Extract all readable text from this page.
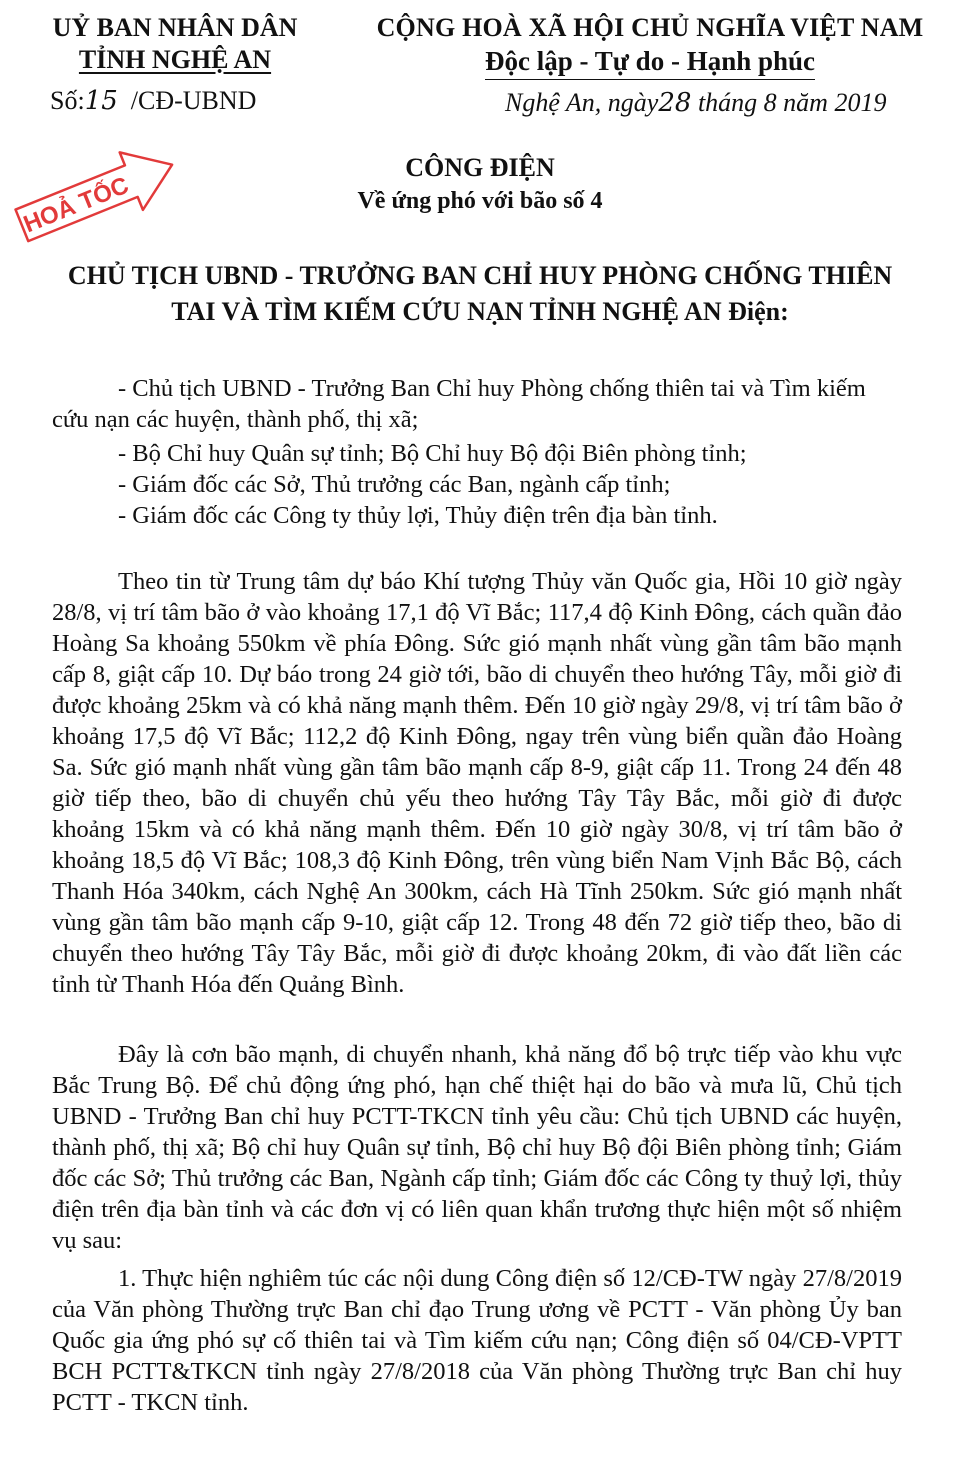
UỶ BAN NHÂN DÂN
TỈNH NGHỆ AN
CỘNG HOÀ XÃ HỘI CHỦ NGHĨA VIỆT NAM
Độc lập - Tự do - Hạnh phúc
Số:15 /CĐ-UBND	Nghệ An, ngày28 tháng 8 năm 2019
HOẢ TỐC
CÔNG ĐIỆN
Về ứng phó với bão số 4
CHỦ TỊCH UBND - TRƯỞNG BAN CHỈ HUY PHÒNG CHỐNG THIÊN
TAI VÀ TÌM KIẾM CỨU NẠN TỈNH NGHỆ AN Điện:

- Chủ tịch UBND - Trưởng Ban Chỉ huy Phòng chống thiên tai và Tìm kiếm cứu nạn các huyện, thành phố, thị xã;

- Bộ Chỉ huy Quân sự tỉnh; Bộ Chỉ huy Bộ đội Biên phòng tỉnh;

- Giám đốc các Sở, Thủ trưởng các Ban, ngành cấp tỉnh;

- Giám đốc các Công ty thủy lợi, Thủy điện trên địa bàn tỉnh.

Theo tin từ Trung tâm dự báo Khí tượng Thủy văn Quốc gia, Hồi 10 giờ ngày 28/8, vị trí tâm bão ở vào khoảng 17,1 độ Vĩ Bắc; 117,4 độ Kinh Đông, cách quần đảo Hoàng Sa khoảng 550km về phía Đông. Sức gió mạnh nhất vùng gần tâm bão mạnh cấp 8, giật cấp 10. Dự báo trong 24 giờ tới, bão di chuyển theo hướng Tây, mỗi giờ đi được khoảng 25km và có khả năng mạnh thêm. Đến 10 giờ ngày 29/8, vị trí tâm bão ở khoảng 17,5 độ Vĩ Bắc; 112,2 độ Kinh Đông, ngay trên vùng biển quần đảo Hoàng Sa. Sức gió mạnh nhất vùng gần tâm bão mạnh cấp 8-9, giật cấp 11. Trong 24 đến 48 giờ tiếp theo, bão di chuyển chủ yếu theo hướng Tây Tây Bắc, mỗi giờ đi được khoảng 15km và có khả năng mạnh thêm. Đến 10 giờ ngày 30/8, vị trí tâm bão ở khoảng 18,5 độ Vĩ Bắc; 108,3 độ Kinh Đông, trên vùng biển Nam Vịnh Bắc Bộ, cách Thanh Hóa 340km, cách Nghệ An 300km, cách Hà Tĩnh 250km. Sức gió mạnh nhất vùng gần tâm bão mạnh cấp 9-10, giật cấp 12. Trong 48 đến 72 giờ tiếp theo, bão di chuyển theo hướng Tây Tây Bắc, mỗi giờ đi được khoảng 20km, đi vào đất liền các tỉnh từ Thanh Hóa đến Quảng Bình.

Đây là cơn bão mạnh, di chuyển nhanh, khả năng đổ bộ trực tiếp vào khu vực Bắc Trung Bộ. Để chủ động ứng phó, hạn chế thiệt hại do bão và mưa lũ, Chủ tịch UBND - Trưởng Ban chỉ huy PCTT-TKCN tỉnh yêu cầu: Chủ tịch UBND các huyện, thành phố, thị xã; Bộ chỉ huy Quân sự tỉnh, Bộ chỉ huy Bộ đội Biên phòng tỉnh; Giám đốc các Sở; Thủ trưởng các Ban, Ngành cấp tỉnh; Giám đốc các Công ty thuỷ lợi, thủy điện trên địa bàn tỉnh và các đơn vị có liên quan khẩn trương thực hiện một số nhiệm vụ sau:

1. Thực hiện nghiêm túc các nội dung Công điện số 12/CĐ-TW ngày 27/8/2019 của Văn phòng Thường trực Ban chỉ đạo Trung ương về PCTT - Văn phòng Ủy ban Quốc gia ứng phó sự cố thiên tai và Tìm kiếm cứu nạn; Công điện số 04/CĐ-VPTT BCH PCTT&TKCN tỉnh ngày 27/8/2018 của Văn phòng Thường trực Ban chỉ huy PCTT - TKCN tỉnh.
